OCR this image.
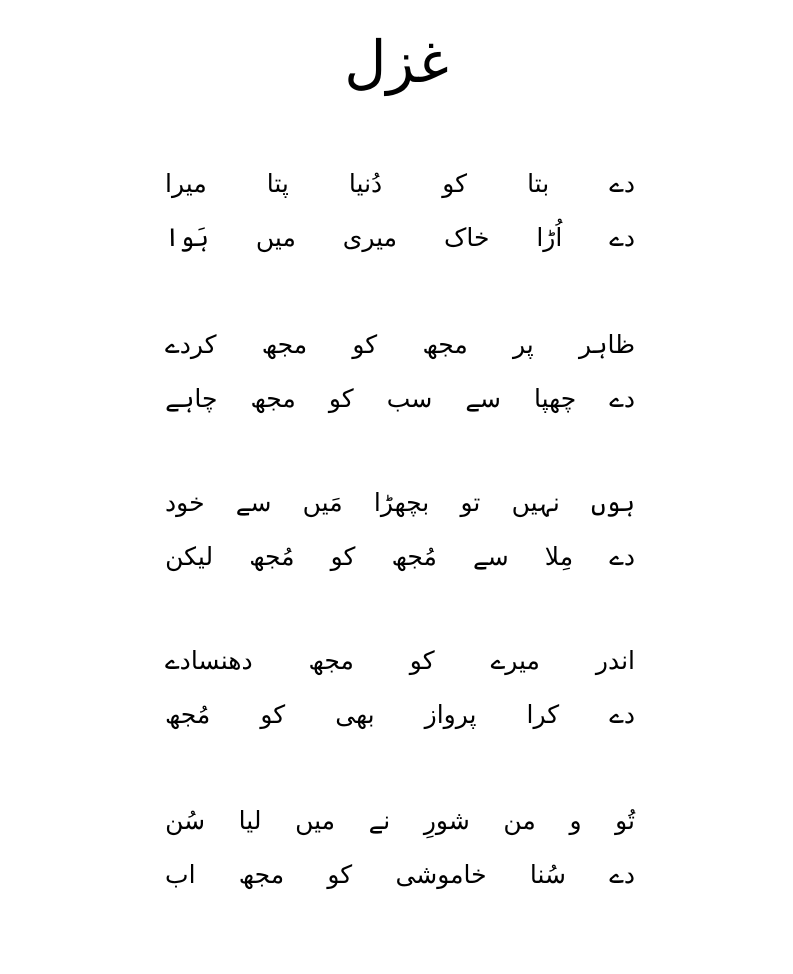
غزل
میرا پتا دُنیا کو بتا دے
ہَوا میں میری خاک اُڑا دے
کردے مجھ کو مجھ پر ظاہر
چاہے مجھ کو سب سے چھپا دے
خود سے مَیں بچھڑا تو نہیں ہوں
لیکن مُجھ کو مُجھ سے مِلا دے
دھنسادے مجھ کو میرے اندر
مُجھ کو بھی پرواز کرا دے
سُن لیا میں نے شورِ من و تُو
اب مجھ کو خاموشی سُنا دے
